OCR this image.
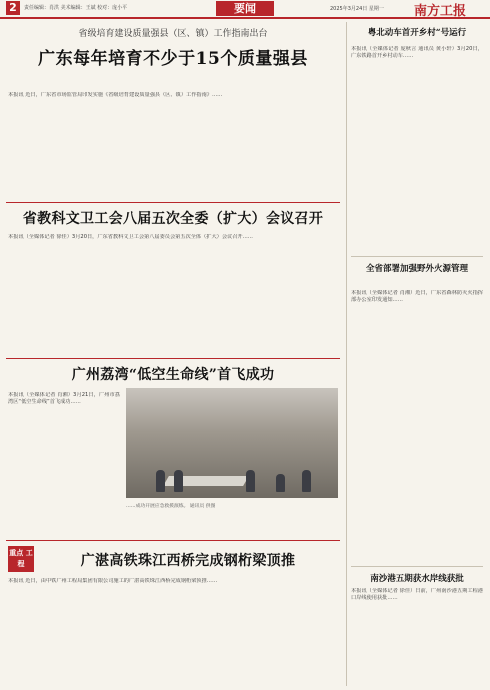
2	责任编辑：肖洪 美术编辑：王斌 校对：庞小平	要闻	2025年3月24日 星期一 南方工报
省级培育建设质量强县（区、镇）工作指南出台
广东每年培育不少于15个质量强县
本报讯 近日，广东省市场监管局印发实施《省级培育建设质量强县（区、镇）工作指南》……
省教科文卫工会八届五次全委（扩大）会议召开
本报讯（全媒体记者 徐佳）3月20日，广东省教科文卫工会第八届委员会第五次全体（扩大）会议召开……
广州荔湾“低空生命线”首飞成功
本报讯（全媒体记者 肖湘）3月21日，广州市荔湾区“低空生命线”首飞成功……
……成功开展应急救援演练。 通讯员 供图
重点 工程	广湛高铁珠江西桥完成钢桁梁顶推
本报讯 近日，由中铁广州工程局集团有限公司施工的广湛高铁珠江西桥完成钢桁梁顶推……
粤北动车首开乡村“号运行
本报讯（全媒体记者 庞秋言 通讯员 黄小轩）3月20日，广东铁路首开乡村动车……
全省部署加强野外火源管理
本报讯（全媒体记者 肖湘）近日，广东省森林防灭火指挥部办公室印发通知……
南沙港五期获水岸线获批
本报讯（全媒体记者 徐佳）日前，广州南沙港五期工程港口岸线使用获批……
